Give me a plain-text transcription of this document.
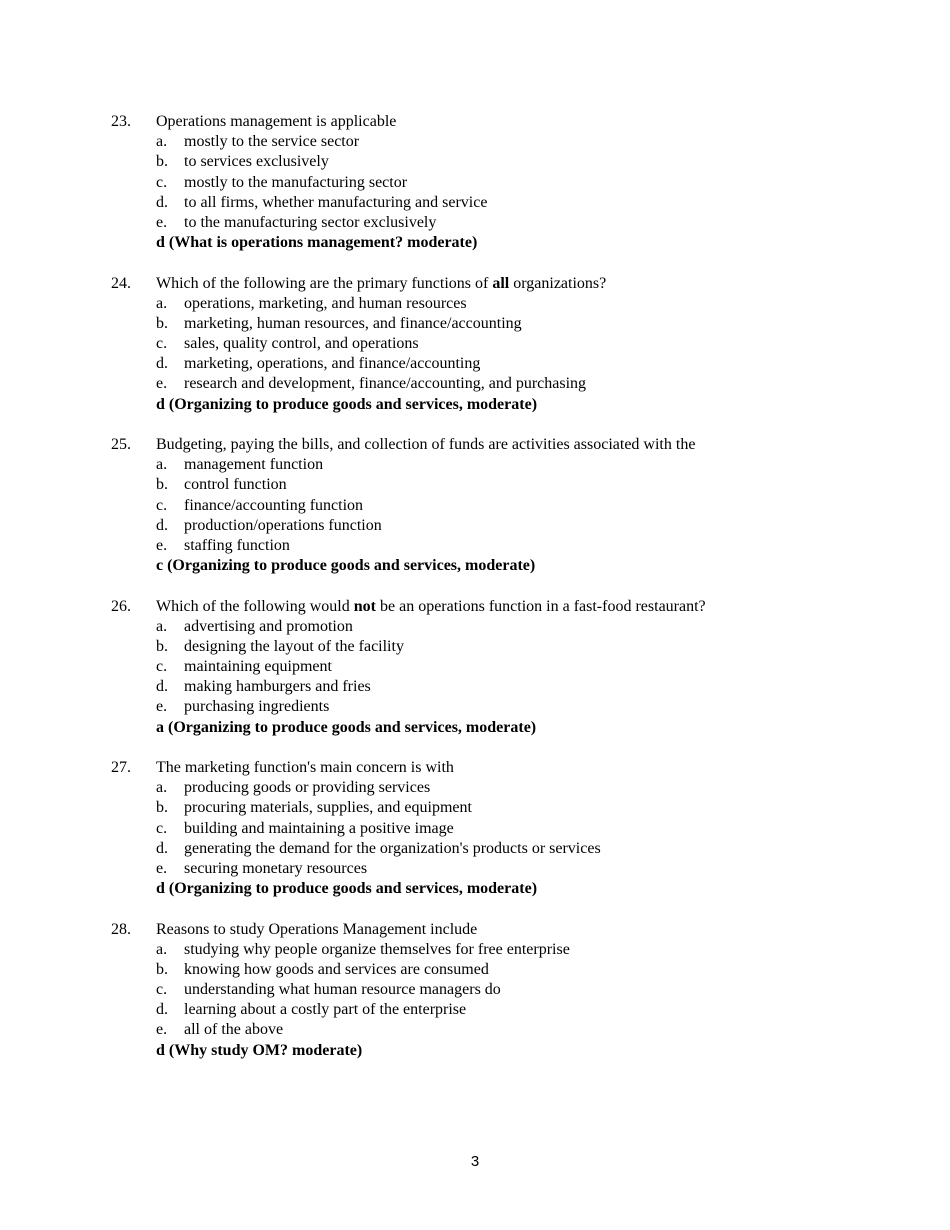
23.	Operations management is applicable
a.	mostly to the service sector
b.	to services exclusively
c.	mostly to the manufacturing sector
d.	to all firms, whether manufacturing and service
e.	to the manufacturing sector exclusively
d (What is operations management? moderate)
24.	Which of the following are the primary functions of all organizations?
a.	operations, marketing, and human resources
b.	marketing, human resources, and finance/accounting
c.	sales, quality control, and operations
d.	marketing, operations, and finance/accounting
e.	research and development, finance/accounting, and purchasing
d (Organizing to produce goods and services, moderate)
25.	Budgeting, paying the bills, and collection of funds are activities associated with the
a.	management function
b.	control function
c.	finance/accounting function
d.	production/operations function
e.	staffing function
c (Organizing to produce goods and services, moderate)
26.	Which of the following would not be an operations function in a fast-food restaurant?
a.	advertising and promotion
b.	designing the layout of the facility
c.	maintaining equipment
d.	making hamburgers and fries
e.	purchasing ingredients
a (Organizing to produce goods and services, moderate)
27.	The marketing function's main concern is with
a.	producing goods or providing services
b.	procuring materials, supplies, and equipment
c.	building and maintaining a positive image
d.	generating the demand for the organization's products or services
e.	securing monetary resources
d (Organizing to produce goods and services, moderate)
28.	Reasons to study Operations Management include
a.	studying why people organize themselves for free enterprise
b.	knowing how goods and services are consumed
c.	understanding what human resource managers do
d.	learning about a costly part of the enterprise
e.	all of the above
d (Why study OM? moderate)
3
